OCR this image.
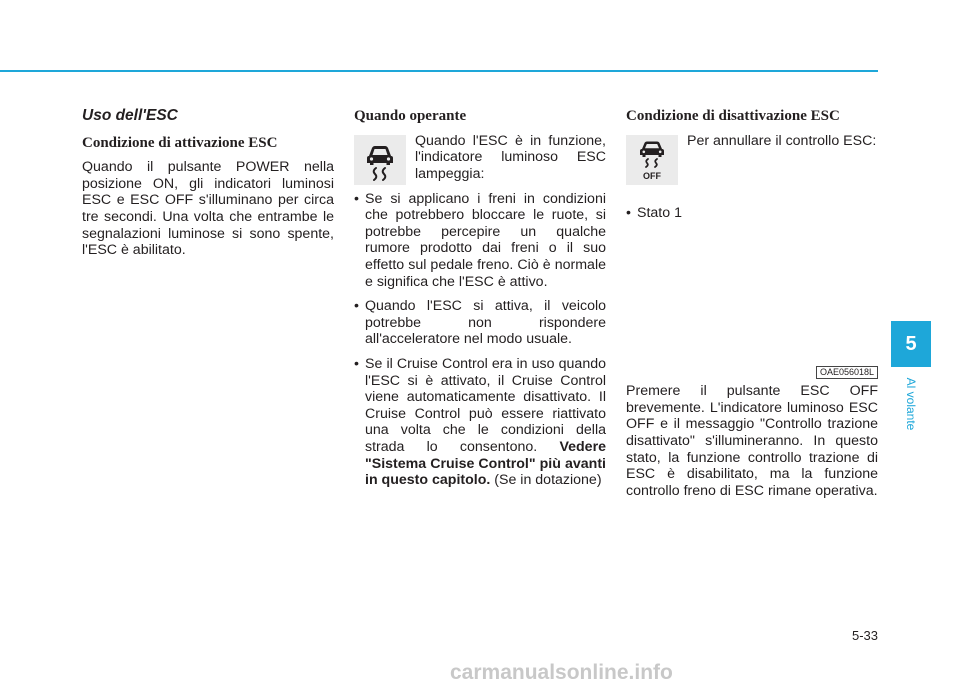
Uso dell'ESC
Condizione di attivazione ESC

Quando il pulsante POWER nella posizione ON, gli indicatori luminosi ESC e ESC OFF s'illuminano per circa tre secondi. Una volta che entrambe le segnalazioni luminose si sono spente, l'ESC è abilitato.

Quando operante
Quando l'ESC è in funzione, l'indicatore luminoso ESC lampeggia:
• Se si applicano i freni in condizioni che potrebbero bloccare le ruote, si potrebbe percepire un qualche rumore prodotto dai freni o il suo effetto sul pedale freno. Ciò è normale e significa che l'ESC è attivo.
• Quando l'ESC si attiva, il veicolo potrebbe non rispondere all'acceleratore nel modo usuale.
• Se il Cruise Control era in uso quando l'ESC si è attivato, il Cruise Control viene automaticamente disattivato. Il Cruise Control può essere riattivato una volta che le condizioni della strada lo consentono. Vedere "Sistema Cruise Control" più avanti in questo capitolo. (Se in dotazione)
Condizione di disattivazione ESC
OFF
Per annullare il controllo ESC:
• Stato 1
OAE056018L

Premere il pulsante ESC OFF brevemente. L'indicatore luminoso ESC OFF e il messaggio "Controllo trazione disattivato" s'illumineranno. In questo stato, la funzione controllo trazione di ESC è disabilitato, ma la funzione controllo freno di ESC rimane operativa.

5
Al volante
5-33
carmanualsonline.info
